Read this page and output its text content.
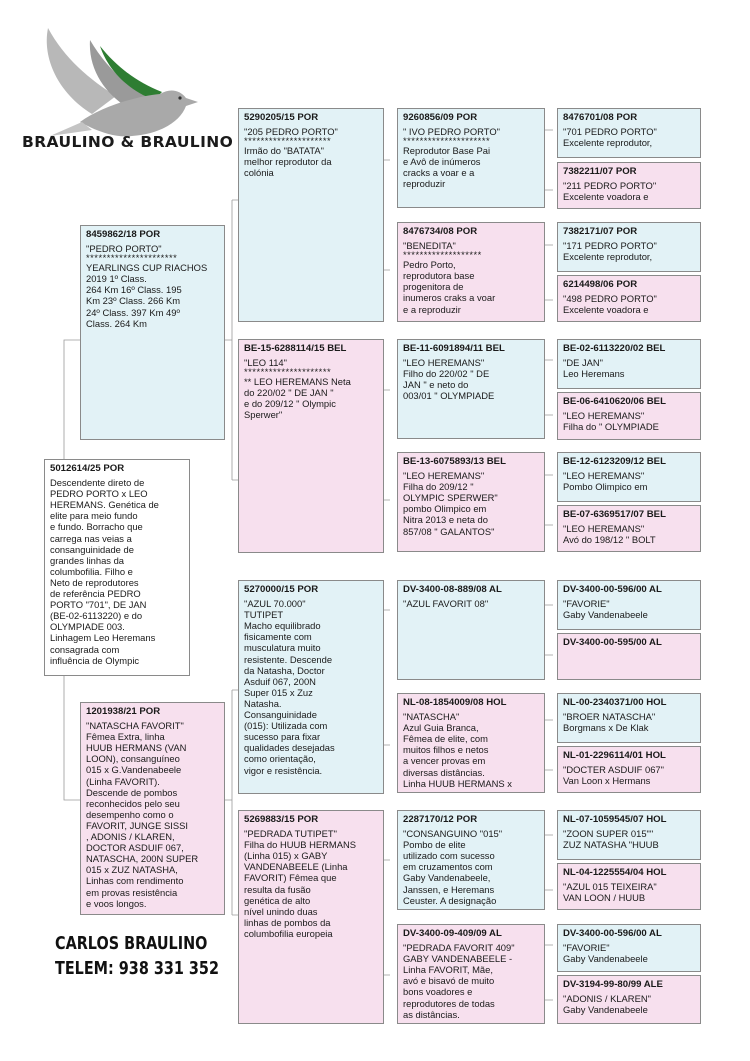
BRAULINO & BRAULINO
5012614/25 POR
Descendente direto de
PEDRO PORTO x LEO
HEREMANS. Genética de
elite para meio fundo
e fundo. Borracho que
carrega nas veias a
consanguinidade de
grandes linhas da
columbofilia. Filho e
Neto de reprodutores
de referência PEDRO
PORTO "701", DE JAN
(BE-02-6113220) e do
OLYMPIADE 003.
Linhagem Leo Heremans
consagrada com
influência de Olympic
8459862/18 POR
"PEDRO PORTO"
**********************
YEARLINGS CUP RIACHOS
2019 1º Class.
264 Km 16º Class. 195
Km 23º Class. 266 Km
24º Class. 397 Km 49º
Class. 264 Km
1201938/21 POR
"NATASCHA FAVORIT"
Fêmea Extra, linha
HUUB HERMANS (VAN
LOON), consanguíneo
015 x G.Vandenabeele
(Linha FAVORIT).
Descende de pombos
reconhecidos pelo seu
desempenho como o
FAVORIT, JUNGE SISSI
, ADONIS / KLAREN,
DOCTOR ASDUIF 067,
NATASCHA, 200N SUPER
015 x ZUZ NATASHA,
Linhas com rendimento
em provas resistência
e voos longos.
5290205/15 POR
"205 PEDRO PORTO"
*********************
Irmão do "BATATA"
melhor reprodutor da
colónia
BE-15-6288114/15 BEL
"LEO 114"
*********************
** LEO HEREMANS Neta
do 220/02 " DE JAN "
e do 209/12 " Olympic
Sperwer"
5270000/15 POR
"AZUL 70.000"
TUTIPET
Macho equilibrado
fisicamente com
musculatura muito
resistente. Descende
da Natasha, Doctor
Asduif 067, 200N
Super 015 x Zuz
Natasha.
Consanguinidade
(015): Utilizada com
sucesso para fixar
qualidades desejadas
como orientação,
vigor e resistência.
5269883/15 POR
"PEDRADA TUTIPET"
Filha do HUUB HERMANS
(Linha 015) x GABY
VANDENABEELE (Linha
FAVORIT) Fêmea que
resulta da fusão
genética de alto
nível unindo duas
linhas de pombos da
columbofilia europeia
9260856/09 POR
" IVO PEDRO PORTO"
*********************
Reprodutor Base Pai
e Avô de inúmeros
cracks a voar e a
reproduzir
8476734/08 POR
"BENEDITA"
*******************
Pedro Porto,
reprodutora base
progenitora de
inumeros craks a voar
e a reproduzir
BE-11-6091894/11 BEL
"LEO HEREMANS"
Filho do 220/02 " DE
JAN " e neto do
003/01 " OLYMPIADE
BE-13-6075893/13 BEL
"LEO HEREMANS"
Filha do 209/12 "
OLYMPIC SPERWER"
pombo Olimpico em
Nitra 2013 e neta do
857/08 " GALANTOS"
DV-3400-08-889/08 AL
"AZUL FAVORIT 08"
NL-08-1854009/08 HOL
"NATASCHA"
Azul Guia Branca,
Fêmea de elite, com
muitos filhos e netos
a vencer provas em
diversas distâncias.
Linha HUUB HERMANS x
2287170/12 POR
"CONSANGUINO "015"
Pombo de elite
utilizado com sucesso
em cruzamentos com
Gaby Vandenabeele,
Janssen, e Heremans
Ceuster. A designação
DV-3400-09-409/09 AL
"PEDRADA FAVORIT 409"
GABY VANDENABEELE -
Linha FAVORIT, Mãe,
avó e bisavó de muito
bons voadores e
reprodutores de todas
as distâncias.
8476701/08 POR
"701 PEDRO PORTO"
Excelente reprodutor,
7382211/07 POR
"211 PEDRO PORTO"
Excelente voadora e
7382171/07 POR
"171 PEDRO PORTO"
Excelente reprodutor,
6214498/06 POR
"498 PEDRO PORTO"
Excelente voadora e
BE-02-6113220/02 BEL
"DE JAN"
Leo Heremans
BE-06-6410620/06 BEL
"LEO HEREMANS"
Filha do " OLYMPIADE
BE-12-6123209/12 BEL
"LEO HEREMANS"
Pombo Olimpico em
BE-07-6369517/07 BEL
"LEO HEREMANS"
Avó do 198/12 " BOLT
DV-3400-00-596/00 AL
"FAVORIE"
Gaby Vandenabeele
DV-3400-00-595/00 AL
NL-00-2340371/00 HOL
"BROER NATASCHA"
Borgmans x De Klak
NL-01-2296114/01 HOL
"DOCTER ASDUIF 067"
Van Loon x Hermans
NL-07-1059545/07 HOL
"ZOON SUPER 015""
ZUZ NATASHA "HUUB
NL-04-1225554/04 HOL
"AZUL 015 TEIXEIRA"
VAN LOON / HUUB
DV-3400-00-596/00 AL
"FAVORIE"
Gaby Vandenabeele
DV-3194-99-80/99 ALE
"ADONIS / KLAREN"
Gaby Vandenabeele
CARLOS BRAULINO
TELEM: 938 331 352
